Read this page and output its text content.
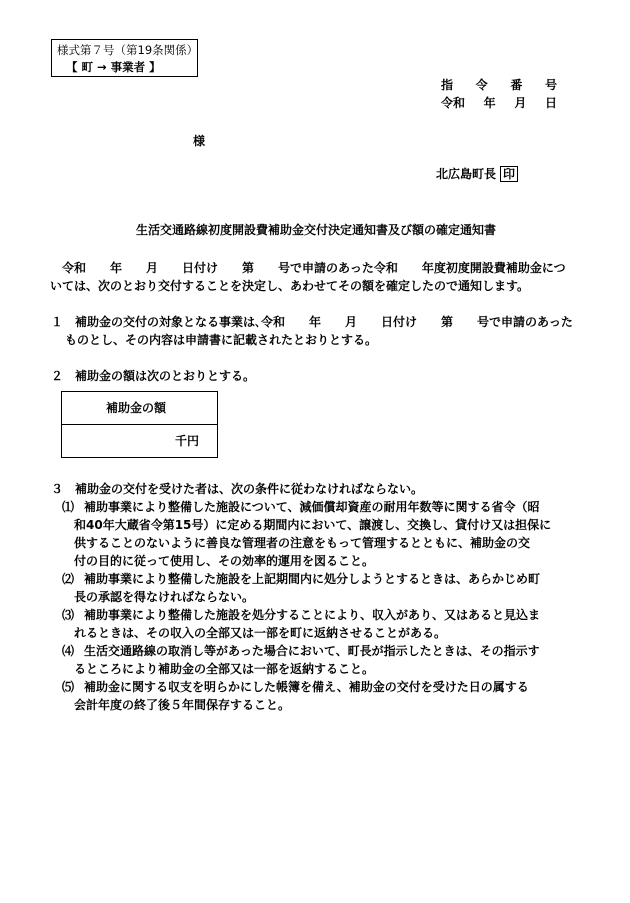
様式第７号（第19条関係）
【 町 → 事業者 】
指 令 番 号
令和 年 月 日
様
北広島町長 印
生活交通路線初度開設費補助金交付決定通知書及び額の確定通知書
令和　　年　　月　　日付け　　第　　号で申請のあった令和　　年度初度開設費補助金につ
いては、次のとおり交付することを決定し、あわせてその額を確定したので通知します。
１　補助金の交付の対象となる事業は､令和　　年　　月　　日付け　　第　　号で申請のあった
ものとし、その内容は申請書に記載されたとおりとする。
２　補助金の額は次のとおりとする。
補助金の額
千円
３　補助金の交付を受けた者は、次の条件に従わなければならない。
⑴ 補助事業により整備した施設について、減価償却資産の耐用年数等に関する省令（昭
和40年大蔵省令第15号）に定める期間内において、譲渡し、交換し、貸付け又は担保に
供することのないように善良な管理者の注意をもって管理するとともに、補助金の交
付の目的に従って使用し、その効率的運用を図ること。
⑵ 補助事業により整備した施設を上記期間内に処分しようとするときは、あらかじめ町
長の承認を得なければならない。
⑶ 補助事業により整備した施設を処分することにより、収入があり、又はあると見込ま
れるときは、その収入の全部又は一部を町に返納させることがある。
⑷ 生活交通路線の取消し等があった場合において、町長が指示したときは、その指示す
るところにより補助金の全部又は一部を返納すること。
⑸ 補助金に関する収支を明らかにした帳簿を備え、補助金の交付を受けた日の属する
会計年度の終了後５年間保存すること。
